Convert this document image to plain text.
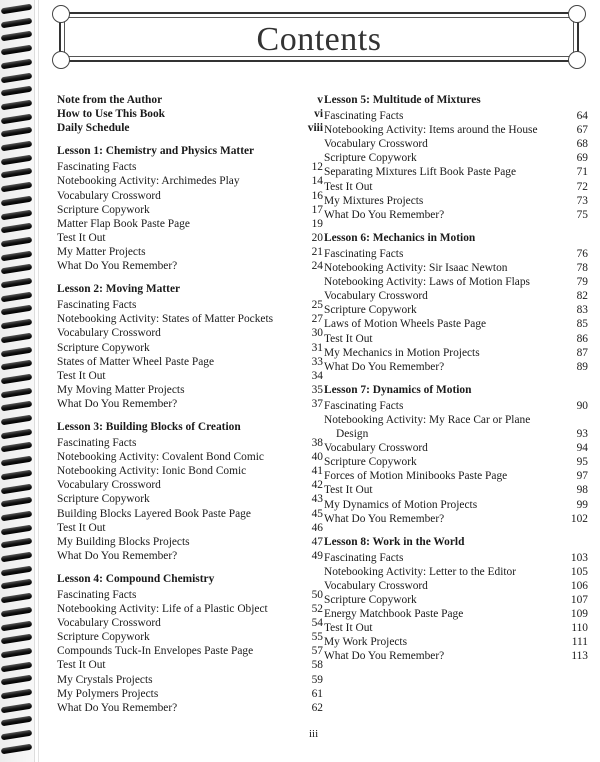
Contents
Note from the Author	v
How to Use This Book	vi
Daily Schedule	viii
Lesson 1: Chemistry and Physics Matter
Fascinating Facts	12
Notebooking Activity: Archimedes Play	14
Vocabulary Crossword	16
Scripture Copywork	17
Matter Flap Book Paste Page	19
Test It Out	20
My Matter Projects	21
What Do You Remember?	24
Lesson 2: Moving Matter
Fascinating Facts	25
Notebooking Activity: States of Matter Pockets	27
Vocabulary Crossword	30
Scripture Copywork	31
States of Matter Wheel Paste Page	33
Test It Out	34
My Moving Matter Projects	35
What Do You Remember?	37
Lesson 3: Building Blocks of Creation
Fascinating Facts	38
Notebooking Activity: Covalent Bond Comic	40
Notebooking Activity: Ionic Bond Comic	41
Vocabulary Crossword	42
Scripture Copywork	43
Building Blocks Layered Book Paste Page	45
Test It Out	46
My Building Blocks Projects	47
What Do You Remember?	49
Lesson 4: Compound Chemistry
Fascinating Facts	50
Notebooking Activity: Life of a Plastic Object	52
Vocabulary Crossword	54
Scripture Copywork	55
Compounds Tuck-In Envelopes Paste Page	57
Test It Out	58
My Crystals Projects	59
My Polymers Projects	61
What Do You Remember?	62
Lesson 5: Multitude of Mixtures
Fascinating Facts	64
Notebooking Activity: Items around the House	67
Vocabulary Crossword	68
Scripture Copywork	69
Separating Mixtures Lift Book Paste Page	71
Test It Out	72
My Mixtures Projects	73
What Do You Remember?	75
Lesson 6: Mechanics in Motion
Fascinating Facts	76
Notebooking Activity: Sir Isaac Newton	78
Notebooking Activity: Laws of Motion Flaps	79
Vocabulary Crossword	82
Scripture Copywork	83
Laws of Motion Wheels Paste Page	85
Test It Out	86
My Mechanics in Motion Projects	87
What Do You Remember?	89
Lesson 7: Dynamics of Motion
Fascinating Facts	90
Notebooking Activity: My Race Car or Plane
Design	93
Vocabulary Crossword	94
Scripture Copywork	95
Forces of Motion Minibooks Paste Page	97
Test It Out	98
My Dynamics of Motion Projects	99
What Do You Remember?	102
Lesson 8: Work in the World
Fascinating Facts	103
Notebooking Activity: Letter to the Editor	105
Vocabulary Crossword	106
Scripture Copywork	107
Energy Matchbook Paste Page	109
Test It Out	110
My Work Projects	111
What Do You Remember?	113
iii
